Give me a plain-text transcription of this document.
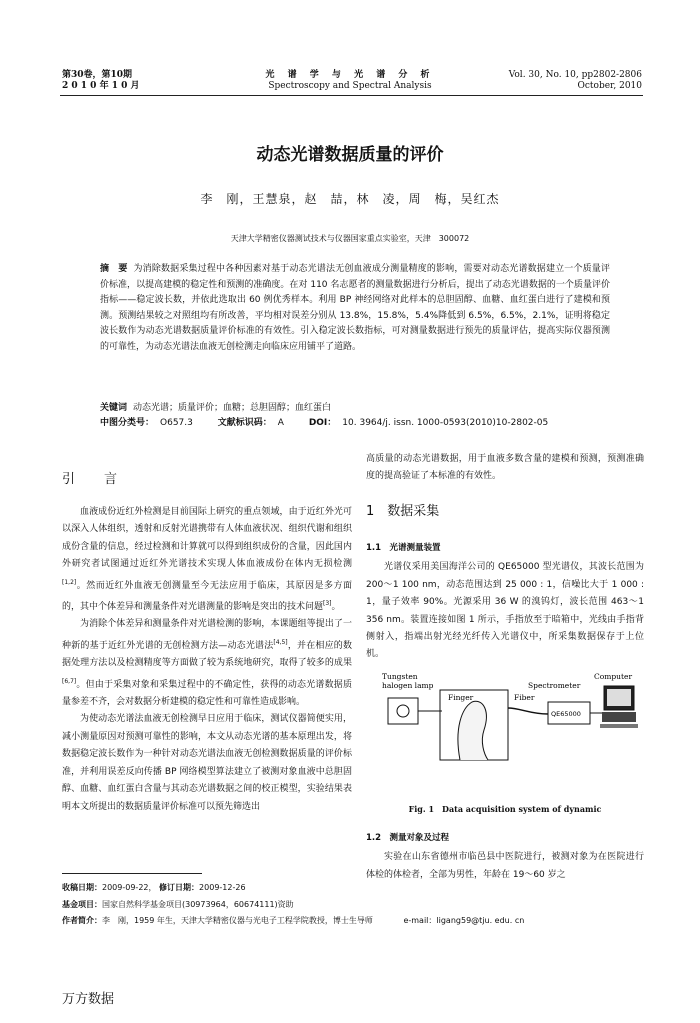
第30卷，第10期
2 0 1 0 年 1 0 月
光 谱 学 与 光 谱 分 析
Spectroscopy and Spectral Analysis
Vol. 30, No. 10, pp2802-2806
October, 2010
动态光谱数据质量的评价
李　刚，王慧泉，赵　喆，林　凌，周　梅，吴红杰
天津大学精密仪器测试技术与仪器国家重点实验室，天津　300072
摘　要 为消除数据采集过程中各种因素对基于动态光谱法无创血液成分测量精度的影响，需要对动态光谱数据建立一个质量评价标准，以提高建模的稳定性和预测的准确度。在对 110 名志愿者的测量数据进行分析后，提出了动态光谱数据的一个质量评价指标——稳定波长数，并依此选取出 60 例优秀样本。利用 BP 神经网络对此样本的总胆固醇、血糖、血红蛋白进行了建模和预测。预测结果较之对照组均有所改善，平均相对误差分别从 13.8%，15.8%，5.4%降低到 6.5%，6.5%，2.1%，证明将稳定波长数作为动态光谱数据质量评价标准的有效性。引入稳定波长数指标，可对测量数据进行预先的质量评估，提高实际仪器预测的可靠性，为动态光谱法血液无创检测走向临床应用铺平了道路。
关键词 动态光谱；质量评价；血糖；总胆固醇；血红蛋白
中图分类号： O657.3	文献标识码： A	DOI： 10. 3964/j. issn. 1000-0593(2010)10-2802-05
引　言

血液成份近红外检测是目前国际上研究的重点领域，由于近红外光可以深入人体组织，透射和反射光谱携带有人体血液状况、组织代谢和组织成份含量的信息，经过检测和计算就可以得到组织成份的含量，因此国内外研究者试图通过近红外光谱技术实现人体血液成份在体内无损检测[1,2]。然而近红外血液无创测量至今无法应用于临床，其原因是多方面的，其中个体差异和测量条件对光谱测量的影响是突出的技术问题[3]。

为消除个体差异和测量条件对光谱检测的影响，本课题组等提出了一种新的基于近红外光谱的无创检测方法—动态光谱法[4,5]，并在相应的数据处理方法以及检测精度等方面做了较为系统地研究，取得了较多的成果[6,7]。但由于采集对象和采集过程中的不确定性，获得的动态光谱数据质量参差不齐，会对数据分析建模的稳定性和可靠性造成影响。

为使动态光谱法血液无创检测早日应用于临床，测试仪器简便实用，减小测量原因对预测可靠性的影响，本文从动态光谱的基本原理出发，将数据稳定波长数作为一种针对动态光谱法血液无创检测数据质量的评价标准，并利用误差反向传播 BP 网络模型算法建立了被测对象血液中总胆固醇、血糖、血红蛋白含量与其动态光谱数据之间的校正模型，实验结果表明本文所提出的数据质量评价标准可以预先筛选出

高质量的动态光谱数据，用于血液多数含量的建模和预测，预测准确度的提高验证了本标准的有效性。

1　数据采集
1.1　光谱测量装置

光谱仪采用美国海洋公司的 QE65000 型光谱仪，其波长范围为 200～1 100 nm，动态范围达到 25 000 : 1，信噪比大于 1 000 : 1，量子效率 90%。光源采用 36 W 的溴钨灯，波长范围 463～1 356 nm。装置连接如图 1 所示，手指放至于暗箱中，光线由手指背侧射入，指端出射光经光纤传入光谱仪中，所采集数据保存于上位机。

Tungsten
halogen lamp
Finger	Fiber
Spectrometer
QE65000
Computer
Fig. 1　Data acquisition system of dynamic
1.2　测量对象及过程

实验在山东省德州市临邑县中医院进行，被测对象为在医院进行体检的体检者，全部为男性，年龄在 19～60 岁之

收稿日期：2009-09-22， 修订日期：2009-12-26
基金项目：国家自然科学基金项目(30973964，60674111)资助
作者简介：李　刚，1959 年生，天津大学精密仪器与光电子工程学院教授，博士生导师	e-mail：ligang59@tju. edu. cn
万方数据
